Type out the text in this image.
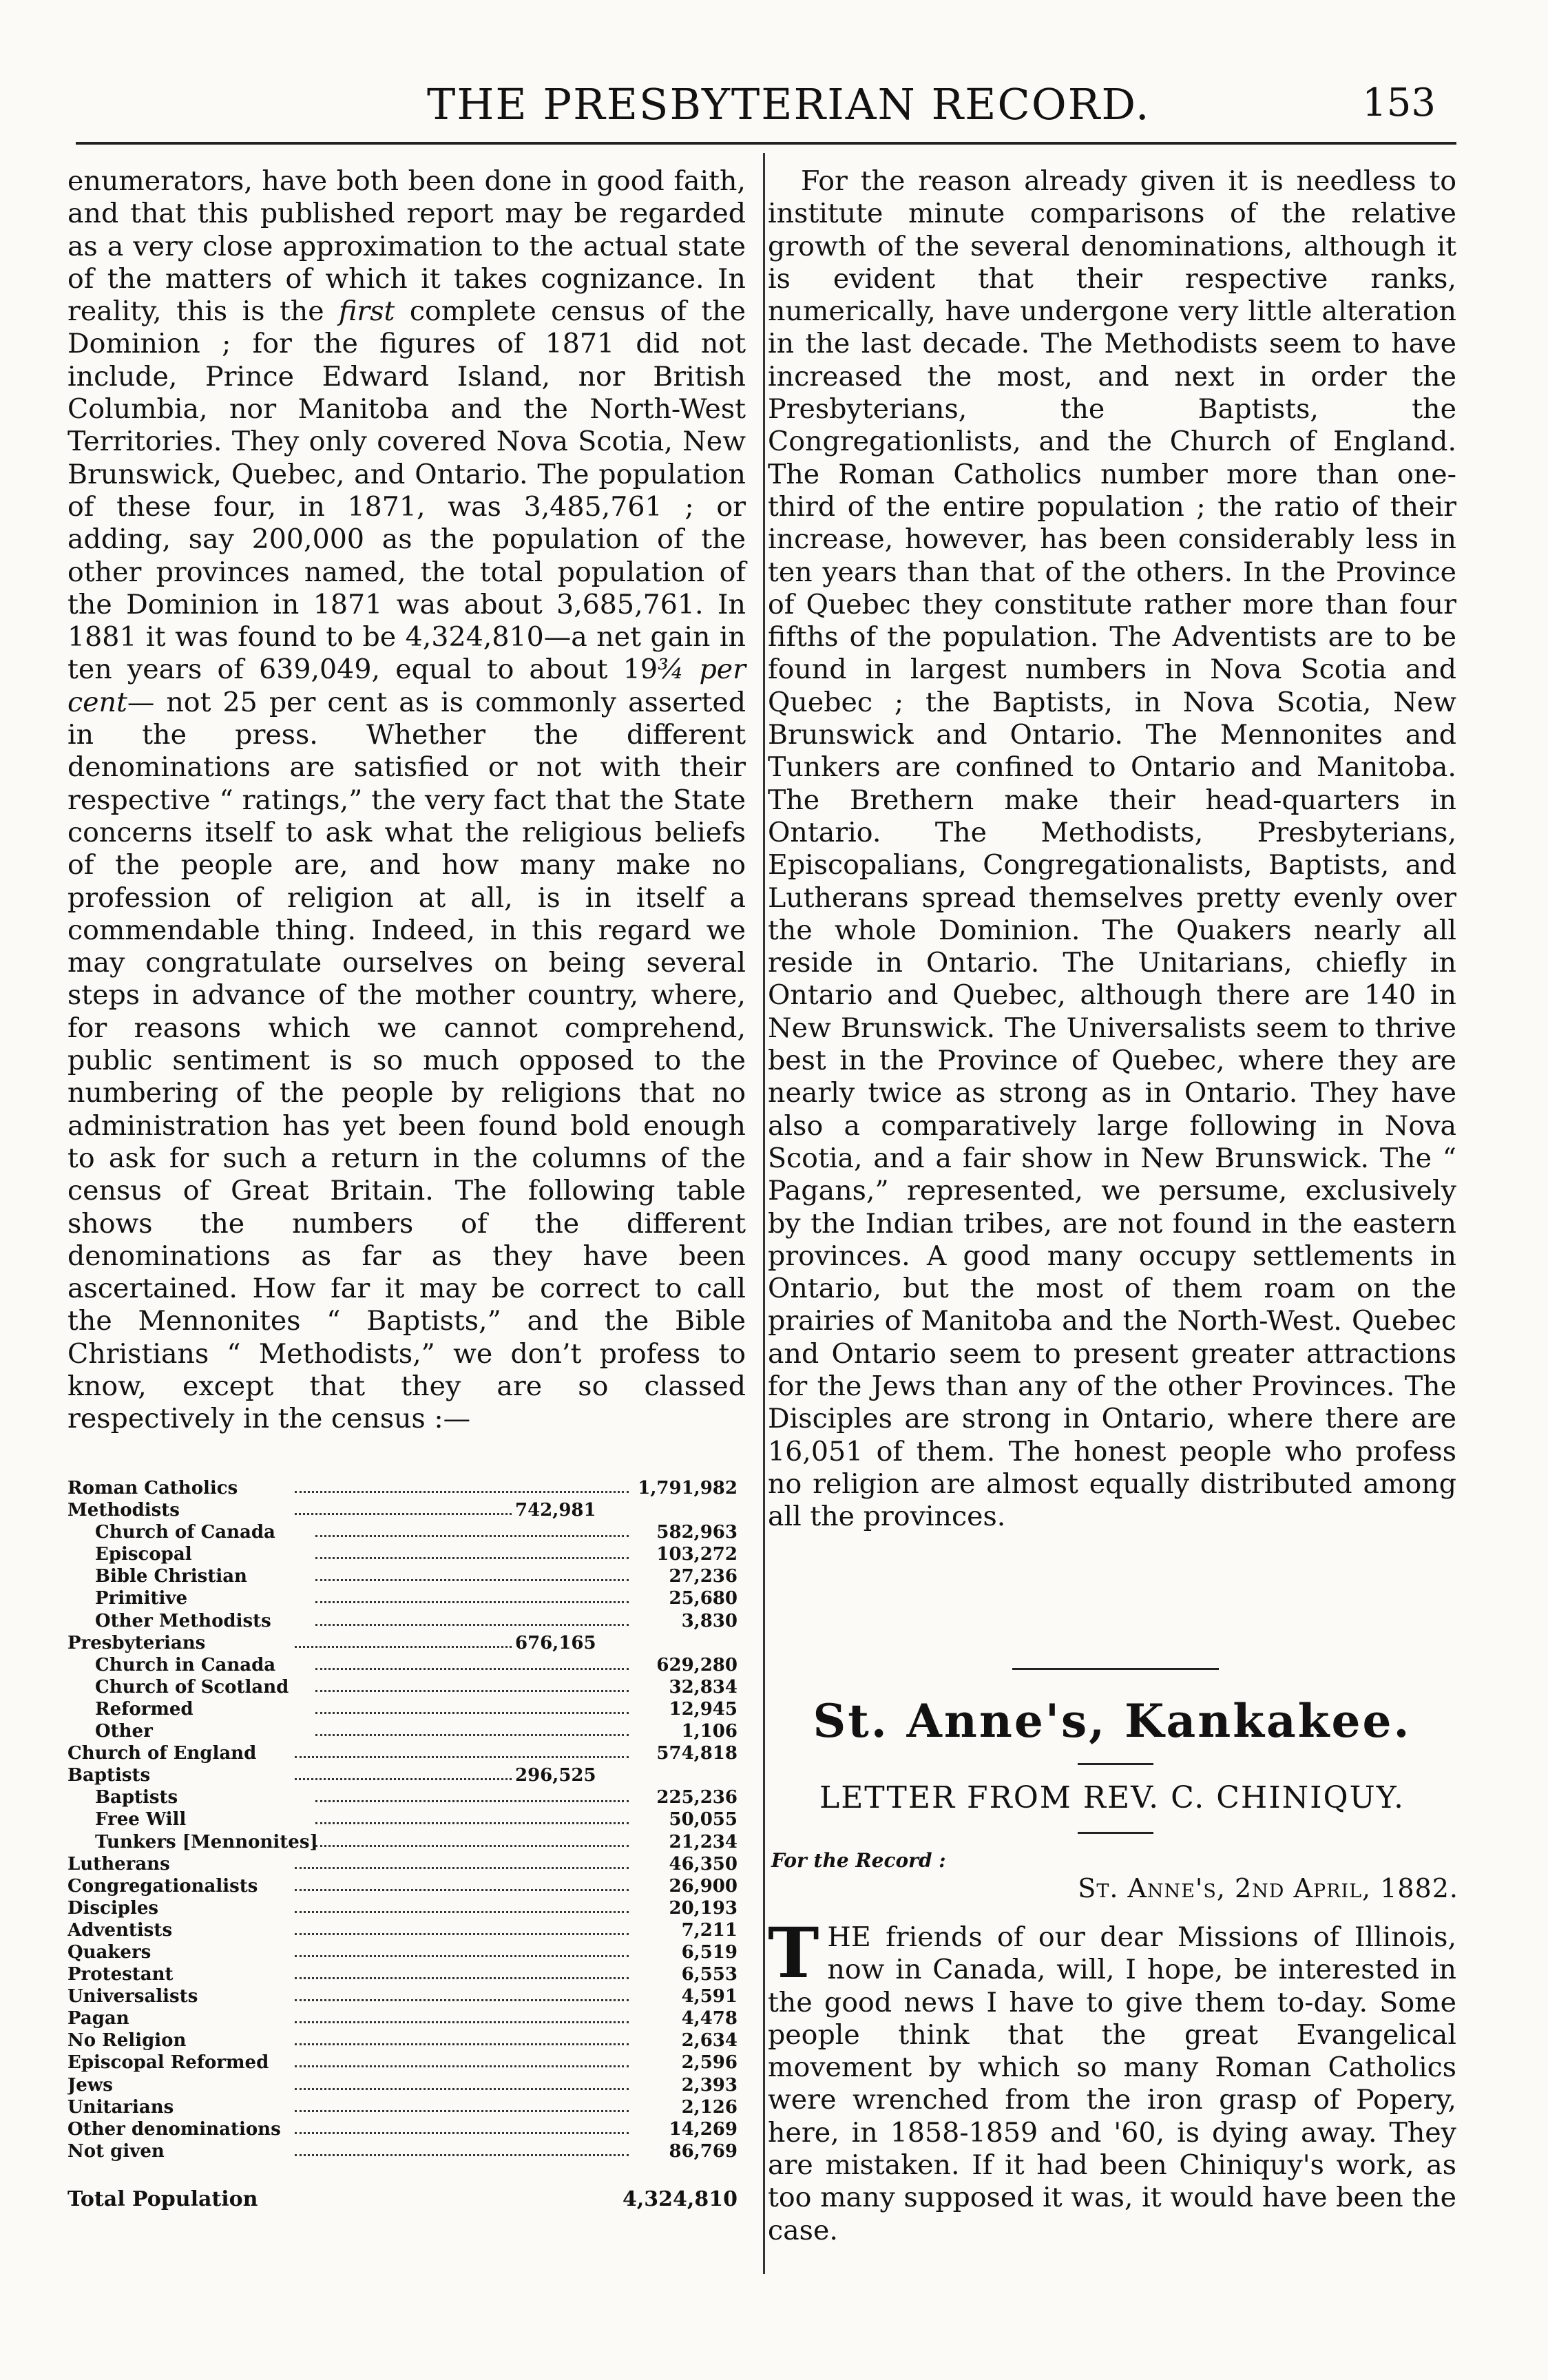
THE PRESBYTERIAN RECORD.	153

enumerators, have both been done in good faith, and that this published report may be regarded as a very close approximation to the actual state of the matters of which it takes cognizance. In reality, this is the first complete census of the Dominion ; for the figures of 1871 did not include, Prince Edward Island, nor British Columbia, nor Manitoba and the North-West Territories. They only covered Nova Scotia, New Brunswick, Quebec, and Ontario. The population of these four, in 1871, was 3,485,761 ; or adding, say 200,000 as the population of the other provinces named, the total population of the Dominion in 1871 was about 3,685,761. In 1881 it was found to be 4,324,810—a net gain in ten years of 639,049, equal to about 19¾ per cent— not 25 per cent as is commonly asserted in the press. Whether the different denominations are satisfied or not with their respective “ ratings,” the very fact that the State concerns itself to ask what the religious beliefs of the people are, and how many make no profession of religion at all, is in itself a commendable thing. Indeed, in this regard we may congratulate ourselves on being several steps in advance of the mother country, where, for reasons which we cannot comprehend, public sentiment is so much opposed to the numbering of the people by religions that no administration has yet been found bold enough to ask for such a return in the columns of the census of Great Britain. The following table shows the numbers of the different denominations as far as they have been ascertained. How far it may be correct to call the Mennonites “ Baptists,” and the Bible Christians “ Methodists,” we don’t profess to know, except that they are so classed respectively in the census :—

Roman Catholics	1,791,982
Methodists	742,981
Church of Canada	582,963
Episcopal	103,272
Bible Christian	27,236
Primitive	25,680
Other Methodists	3,830
Presbyterians	676,165
Church in Canada	629,280
Church of Scotland	32,834
Reformed	12,945
Other	1,106
Church of England	574,818
Baptists	296,525
Baptists	225,236
Free Will	50,055
Tunkers [Mennonites]	21,234
Lutherans	46,350
Congregationalists	26,900
Disciples	20,193
Adventists	7,211
Quakers	6,519
Protestant	6,553
Universalists	4,591
Pagan	4,478
No Religion	2,634
Episcopal Reformed	2,596
Jews	2,393
Unitarians	2,126
Other denominations	14,269
Not given	86,769
Total Population	4,324,810

For the reason already given it is needless to institute minute comparisons of the relative growth of the several denominations, although it is evident that their respective ranks, numerically, have undergone very little alteration in the last decade. The Methodists seem to have increased the most, and next in order the Presbyterians, the Baptists, the Congregationlists, and the Church of England. The Roman Catholics number more than one-third of the entire population ; the ratio of their increase, however, has been considerably less in ten years than that of the others. In the Province of Quebec they constitute rather more than four fifths of the population. The Adventists are to be found in largest numbers in Nova Scotia and Quebec ; the Baptists, in Nova Scotia, New Brunswick and Ontario. The Mennonites and Tunkers are confined to Ontario and Manitoba. The Brethern make their head-quarters in Ontario. The Methodists, Presbyterians, Episcopalians, Congregationalists, Baptists, and Lutherans spread themselves pretty evenly over the whole Dominion. The Quakers nearly all reside in Ontario. The Unitarians, chiefly in Ontario and Quebec, although there are 140 in New Brunswick. The Universalists seem to thrive best in the Province of Quebec, where they are nearly twice as strong as in Ontario. They have also a comparatively large following in Nova Scotia, and a fair show in New Brunswick. The “ Pagans,” represented, we persume, exclusively by the Indian tribes, are not found in the eastern provinces. A good many occupy settlements in Ontario, but the most of them roam on the prairies of Manitoba and the North-West. Quebec and Ontario seem to present greater attractions for the Jews than any of the other Provinces. The Disciples are strong in Ontario, where there are 16,051 of them. The honest people who profess no religion are almost equally distributed among all the provinces.

St. Anne's, Kankakee.
LETTER FROM REV. C. CHINIQUY.
For the Record :
St. Anne's, 2nd April, 1882.
THE friends of our dear Missions of Illinois, now in Canada, will, I hope, be interested in the good news I have to give them to-day. Some people think that the great Evangelical movement by which so many Roman Catholics were wrenched from the iron grasp of Popery, here, in 1858-1859 and '60, is dying away. They are mistaken. If it had been Chiniquy's work, as too many supposed it was, it would have been the case.
